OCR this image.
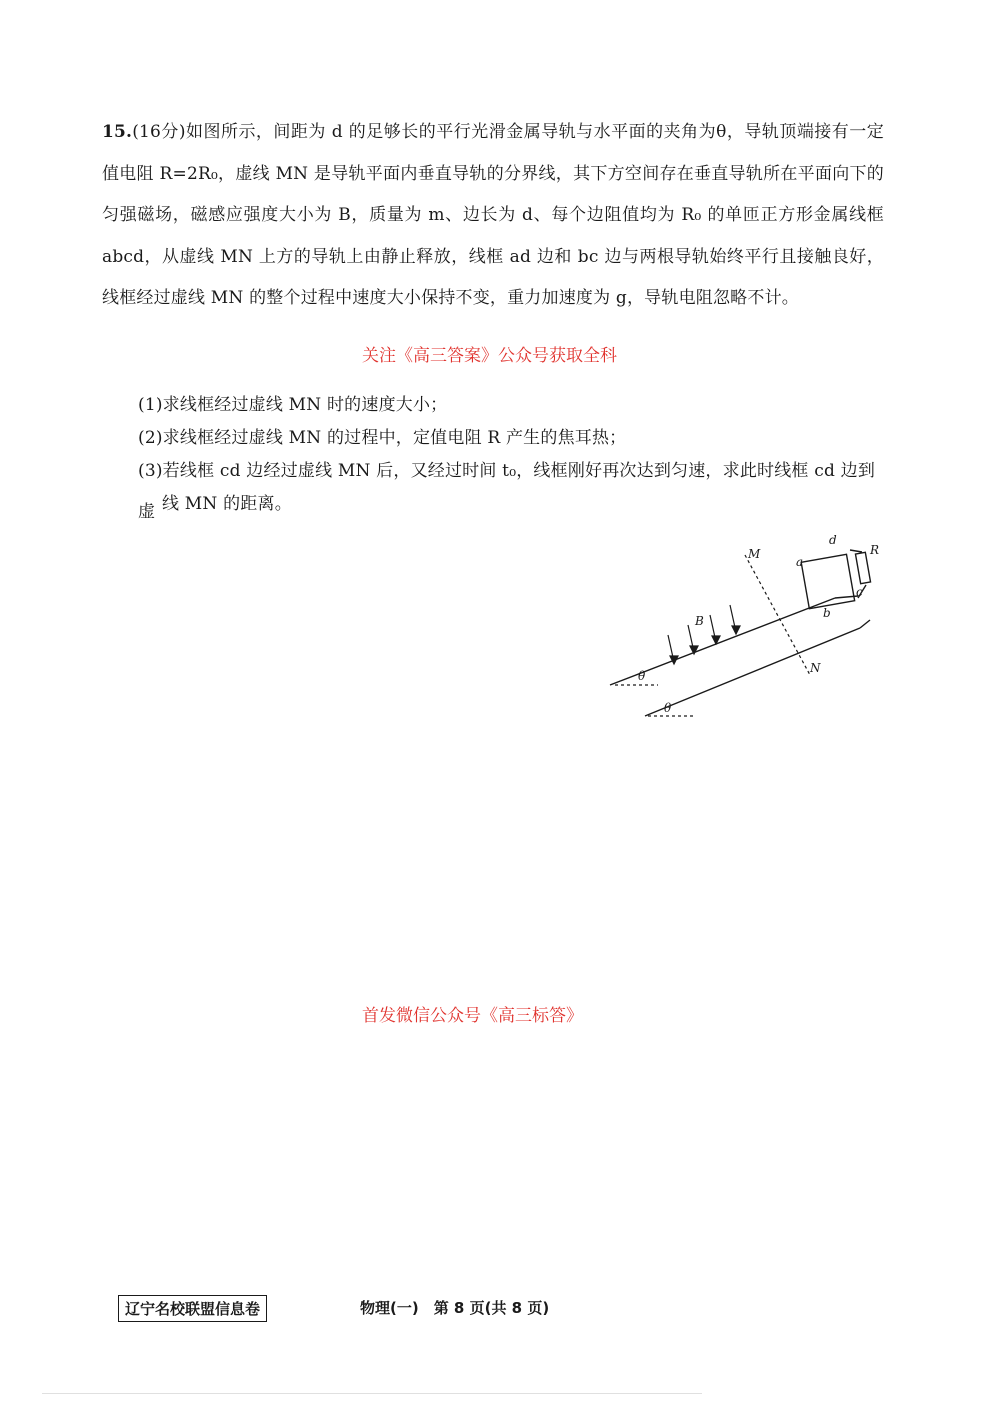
15.(16分)如图所示，间距为 d 的足够长的平行光滑金属导轨与水平面的夹角为θ，导轨顶端接有一定值电阻 R=2R₀，虚线 MN 是导轨平面内垂直导轨的分界线，其下方空间存在垂直导轨所在平面向下的匀强磁场，磁感应强度大小为 B，质量为 m、边长为 d、每个边阻值均为 R₀ 的单匝正方形金属线框 abcd，从虚线 MN 上方的导轨上由静止释放，线框 ad 边和 bc 边与两根导轨始终平行且接触良好，线框经过虚线 MN 的整个过程中速度大小保持不变，重力加速度为 g，导轨电阻忽略不计。

关注《高三答案》公众号获取全科

(1)求线框经过虚线 MN 时的速度大小；

(2)求线框经过虚线 MN 的过程中，定值电阻 R 产生的焦耳热；

(3)若线框 cd 边经过虚线 MN 后，又经过时间 t₀，线框刚好再次达到匀速，求此时线框 cd 边到虚 线 MN 的距离。

M
N
B
a
b
c
d
R
θ
θ
首发微信公众号《高三标答》
辽宁名校联盟信息卷	物理(一)　第 8 页(共 8 页)
